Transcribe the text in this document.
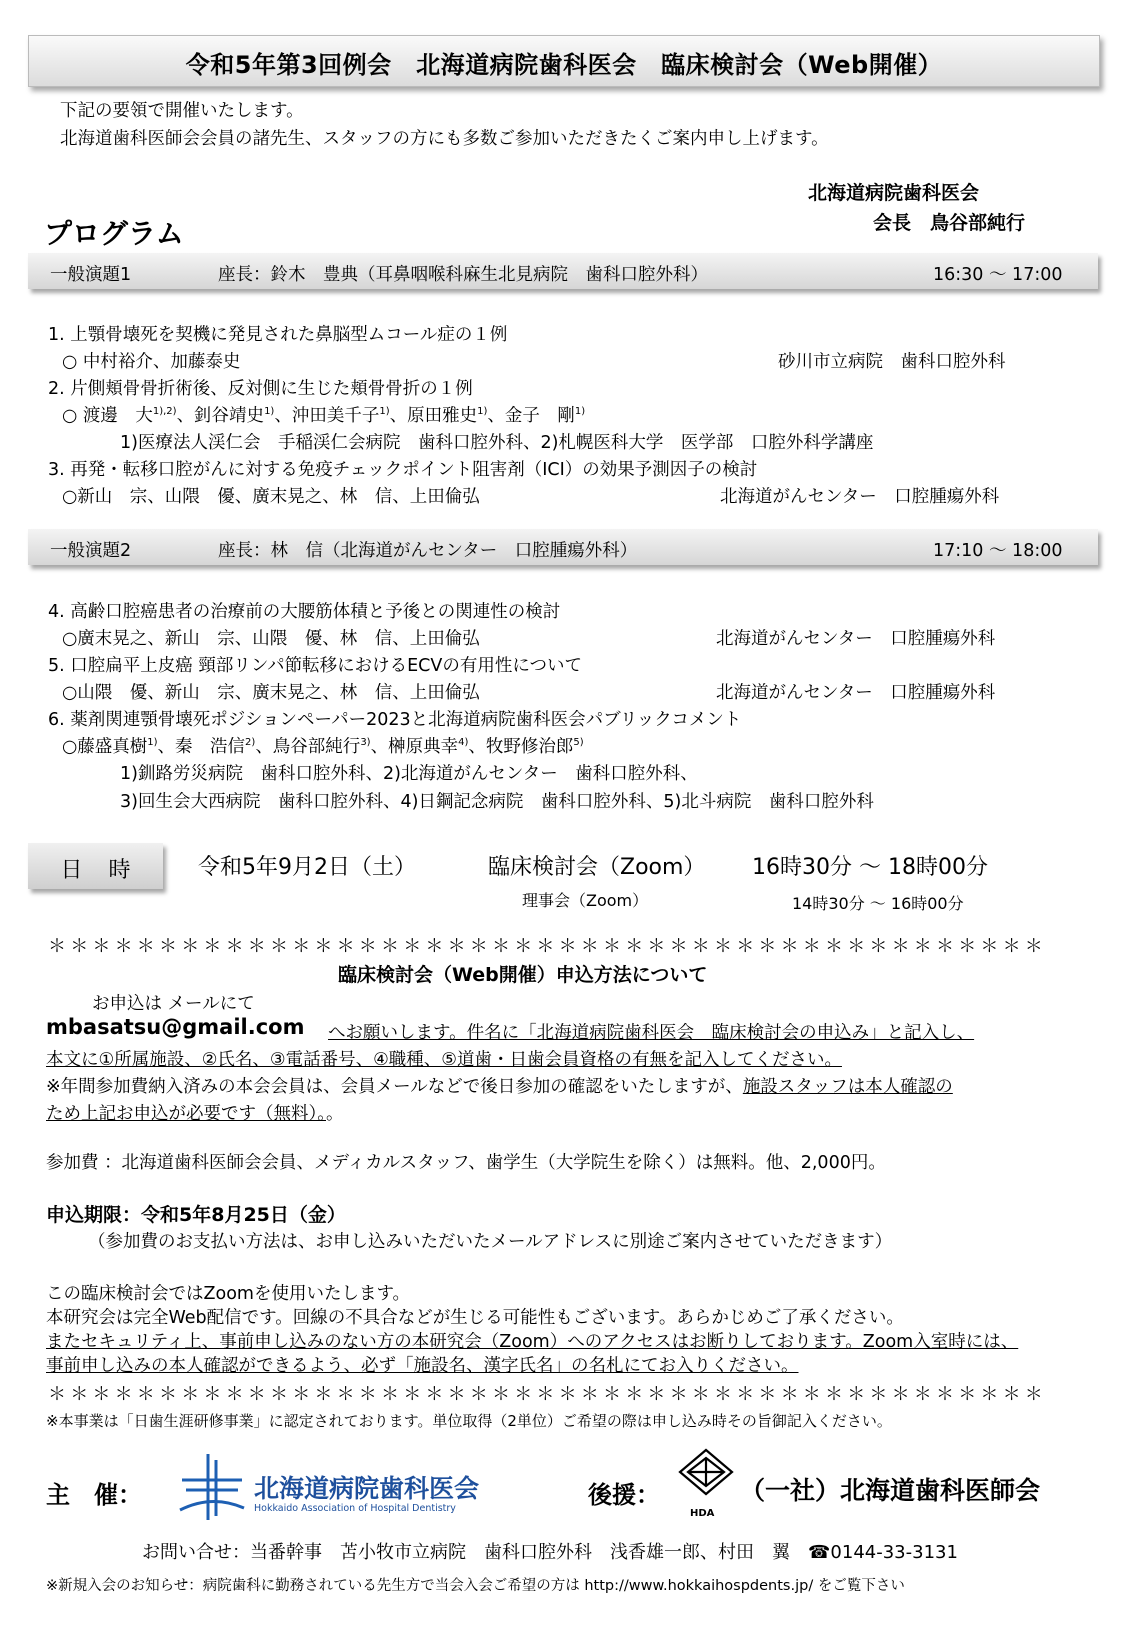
令和5年第3回例会　北海道病院歯科医会　臨床検討会（Web開催）
下記の要領で開催いたします。
北海道歯科医師会会員の諸先生、スタッフの方にも多数ご参加いただきたくご案内申し上げます。
北海道病院歯科医会
会長　鳥谷部純行
プログラム
一般演題1	座長：鈴木　豊典（耳鼻咽喉科麻生北見病院　歯科口腔外科）	16:30 ～ 17:00
1. 上顎骨壊死を契機に発見された鼻脳型ムコール症の１例
○ 中村裕介、加藤泰史	砂川市立病院　歯科口腔外科
2. 片側頬骨骨折術後、反対側に生じた頬骨骨折の１例
○ 渡邊　大$^{1),2)}$、釗谷靖史$^{1)}$、沖田美千子$^{1)}$、原田雅史$^{1)}$、金子　剛$^{1)}$
1)医療法人渓仁会　手稲渓仁会病院　歯科口腔外科、2)札幌医科大学　医学部　口腔外科学講座
3. 再発・転移口腔がんに対する免疫チェックポイント阻害剤（ICI）の効果予測因子の検討
○新山　宗、山隈　優、廣末晃之、林　信、上田倫弘	北海道がんセンター　口腔腫瘍外科
一般演題2	座長：林　信（北海道がんセンター　口腔腫瘍外科）	17:10 ～ 18:00
4. 高齢口腔癌患者の治療前の大腰筋体積と予後との関連性の検討
○廣末晃之、新山　宗、山隈　優、林　信、上田倫弘	北海道がんセンター　口腔腫瘍外科
5. 口腔扁平上皮癌 頸部リンパ節転移におけるECVの有用性について
○山隈　優、新山　宗、廣末晃之、林　信、上田倫弘	北海道がんセンター　口腔腫瘍外科
6. 薬剤関連顎骨壊死ポジションペーパー2023と北海道病院歯科医会パブリックコメント
○藤盛真樹$^{1)}$、秦　浩信$^{2)}$、鳥谷部純行$^{3)}$、榊原典幸$^{4)}$、牧野修治郎$^{5)}$
1)釧路労災病院　歯科口腔外科、2)北海道がんセンター　歯科口腔外科、
3)回生会大西病院　歯科口腔外科、4)日鋼記念病院　歯科口腔外科、5)北斗病院　歯科口腔外科
日時 令和5年9月2日（土）	臨床検討会（Zoom） 16時30分 ～ 18時00分
理事会（Zoom）	14時30分 ～ 16時00分
＊＊＊＊＊＊＊＊＊＊＊＊＊＊＊＊＊＊＊＊＊＊＊＊＊＊＊＊＊＊＊＊＊＊＊＊＊＊＊＊＊＊＊＊＊
臨床検討会（Web開催）申込方法について
お申込は メールにて
mbasatsu@gmail.com へお願いします。件名に「北海道病院歯科医会　臨床検討会の申込み」と記入し、
本文に①所属施設、②氏名、③電話番号、④職種、⑤道歯・日歯会員資格の有無を記入してください。
※年間参加費納入済みの本会会員は、会員メールなどで後日参加の確認をいたしますが、施設スタッフは本人確認の
ため上記お申込が必要です（無料）。。
参加費 ：北海道歯科医師会会員、メディカルスタッフ、歯学生（大学院生を除く）は無料。他、2,000円。
申込期限：令和5年8月25日（金）
（参加費のお支払い方法は、お申し込みいただいたメールアドレスに別途ご案内させていただきます）
この臨床検討会ではZoomを使用いたします。
本研究会は完全Web配信です。回線の不具合などが生じる可能性もございます。あらかじめご了承ください。
またセキュリティ上、事前申し込みのない方の本研究会（Zoom）へのアクセスはお断りしております。Zoom入室時には、
事前申し込みの本人確認ができるよう、必ず「施設名、漢字氏名」の名札にてお入りください。
＊＊＊＊＊＊＊＊＊＊＊＊＊＊＊＊＊＊＊＊＊＊＊＊＊＊＊＊＊＊＊＊＊＊＊＊＊＊＊＊＊＊＊＊＊
※本事業は「日歯生涯研修事業」に認定されております。単位取得（2単位）ご希望の際は申し込み時その旨御記入ください。
主　催：	北海道病院歯科医会
Hokkaido Association of Hospital Dentistry	後援：
HDA
（一社）北海道歯科医師会
お問い合せ：当番幹事　苫小牧市立病院　歯科口腔外科　浅香雄一郎、村田　翼　☎0144-33-3131
※新規入会のお知らせ：病院歯科に勤務されている先生方で当会入会ご希望の方は http://www.hokkaihospdents.jp/ をご覧下さい
